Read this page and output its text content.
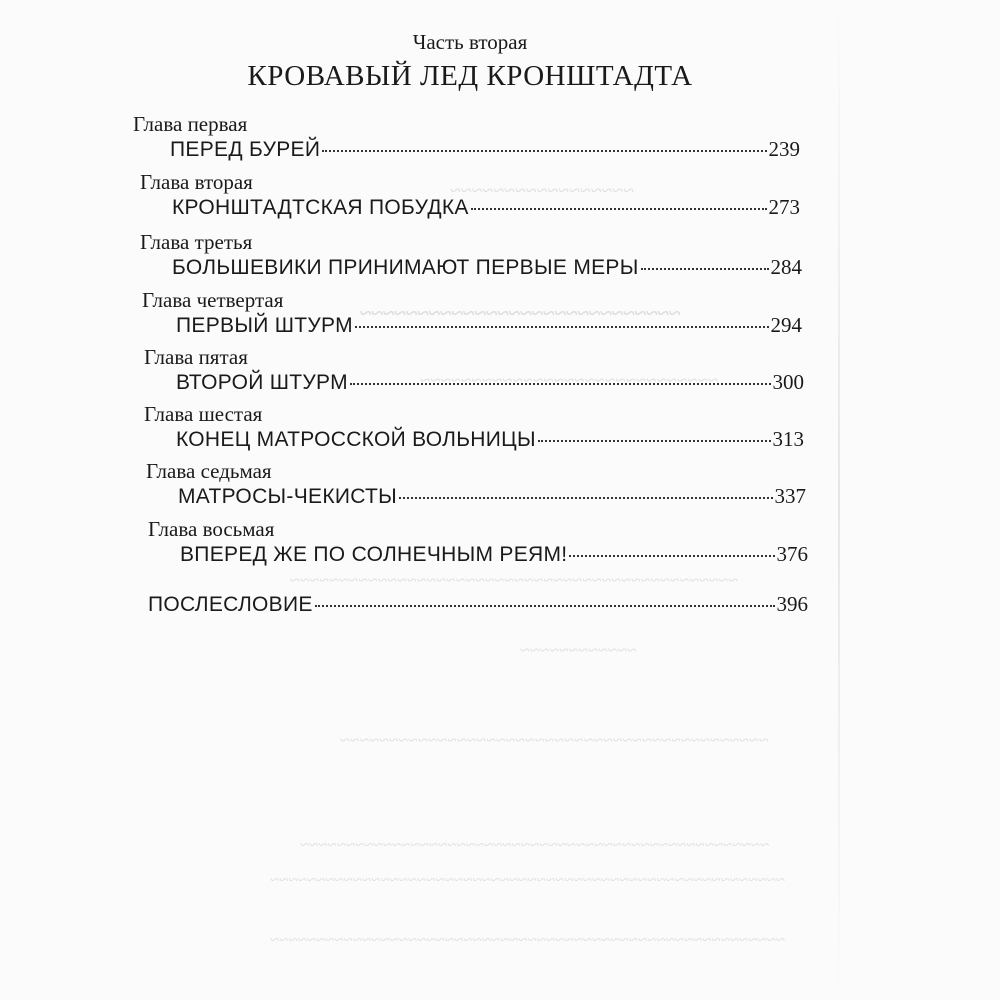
~~~~~~~~~~~~~~~~~
~~~~~~~~~~~~~~~~~~~~~~~~~~~~
~~~~~~~~~~~~~~~~~~~~~~~~~~~~~
~~~~~~~~~~~~~~~~~~~~~~~~~~~~~~~~~~~~~~~~~~~~~~
~~~~~~~~~~~~
~~~~~~~~~~~~~~~~~~~~~~~~~~~~~~~~~~~~~~~~~~~~
~~~~~~~~~~~~~~~~~~~~~~~~~~~~~~~~~~~~~~~~~~~~~~~~~~~
~~~~~~~~~~~~~~~~~~~~~~~~~~~~~~~~~~~~~~~~~~~~~~~~~~~~~~~~
~~~~~~~~~~~~~~~~~~~~~~~~~~~~~~~~~~~~~~~~~~~~~~~~~~~~~~~~
Часть вторая
КРОВАВЫЙ ЛЕД КРОНШТАДТА
Глава первая
ПЕРЕД БУРЕЙ	239
Глава вторая
КРОНШТАДТСКАЯ ПОБУДКА	273
Глава третья
БОЛЬШЕВИКИ ПРИНИМАЮТ ПЕРВЫЕ МЕРЫ	284
Глава четвертая
ПЕРВЫЙ ШТУРМ	294
Глава пятая
ВТОРОЙ ШТУРМ	300
Глава шестая
КОНЕЦ МАТРОССКОЙ ВОЛЬНИЦЫ	313
Глава седьмая
МАТРОСЫ-ЧЕКИСТЫ	337
Глава восьмая
ВПЕРЕД ЖЕ ПО СОЛНЕЧНЫМ РЕЯМ!	376
ПОСЛЕСЛОВИЕ	396
